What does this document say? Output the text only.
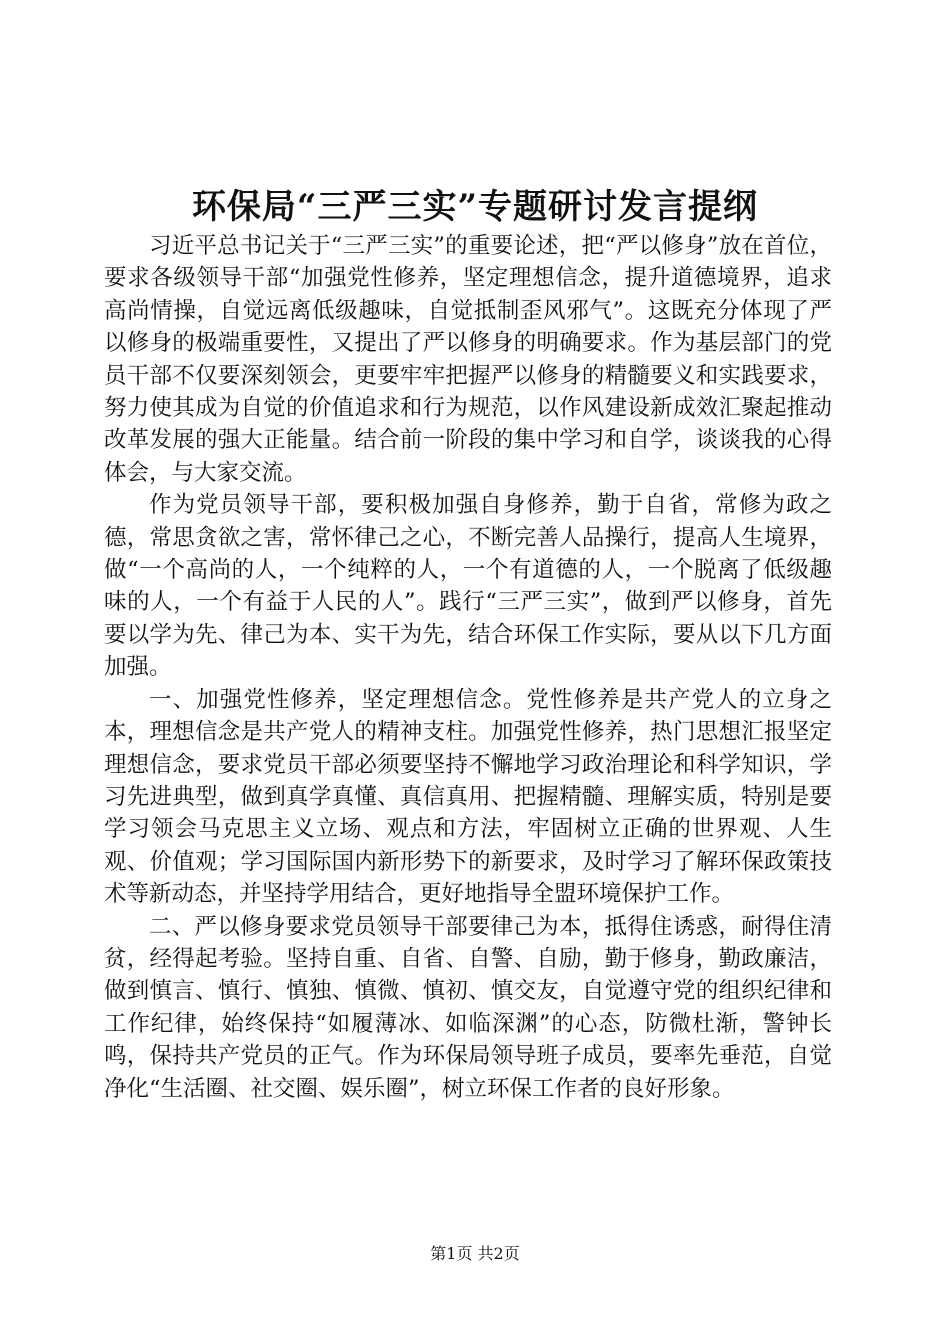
环保局“三严三实”专题研讨发言提纲

习近平总书记关于“三严三实”的重要论述，把“严以修身”放在首位，要求各级领导干部“加强党性修养，坚定理想信念，提升道德境界，追求高尚情操，自觉远离低级趣味，自觉抵制歪风邪气”。这既充分体现了严以修身的极端重要性，又提出了严以修身的明确要求。作为基层部门的党员干部不仅要深刻领会，更要牢牢把握严以修身的精髓要义和实践要求，努力使其成为自觉的价值追求和行为规范，以作风建设新成效汇聚起推动改革发展的强大正能量。结合前一阶段的集中学习和自学，谈谈我的心得体会，与大家交流。

作为党员领导干部，要积极加强自身修养，勤于自省，常修为政之德，常思贪欲之害，常怀律己之心，不断完善人品操行，提高人生境界，做“一个高尚的人，一个纯粹的人，一个有道德的人，一个脱离了低级趣味的人，一个有益于人民的人”。践行“三严三实”，做到严以修身，首先要以学为先、律己为本、实干为先，结合环保工作实际，要从以下几方面加强。

一、加强党性修养，坚定理想信念。党性修养是共产党人的立身之本，理想信念是共产党人的精神支柱。加强党性修养，热门思想汇报坚定理想信念，要求党员干部必须要坚持不懈地学习政治理论和科学知识，学习先进典型，做到真学真懂、真信真用、把握精髓、理解实质，特别是要学习领会马克思主义立场、观点和方法，牢固树立正确的世界观、人生观、价值观；学习国际国内新形势下的新要求，及时学习了解环保政策技术等新动态，并坚持学用结合，更好地指导全盟环境保护工作。

二、严以修身要求党员领导干部要律己为本，抵得住诱惑，耐得住清贫，经得起考验。坚持自重、自省、自警、自励，勤于修身，勤政廉洁，做到慎言、慎行、慎独、慎微、慎初、慎交友，自觉遵守党的组织纪律和工作纪律，始终保持“如履薄冰、如临深渊”的心态，防微杜渐，警钟长鸣，保持共产党员的正气。作为环保局领导班子成员，要率先垂范，自觉净化“生活圈、社交圈、娱乐圈”，树立环保工作者的良好形象。

第1页 共2页
